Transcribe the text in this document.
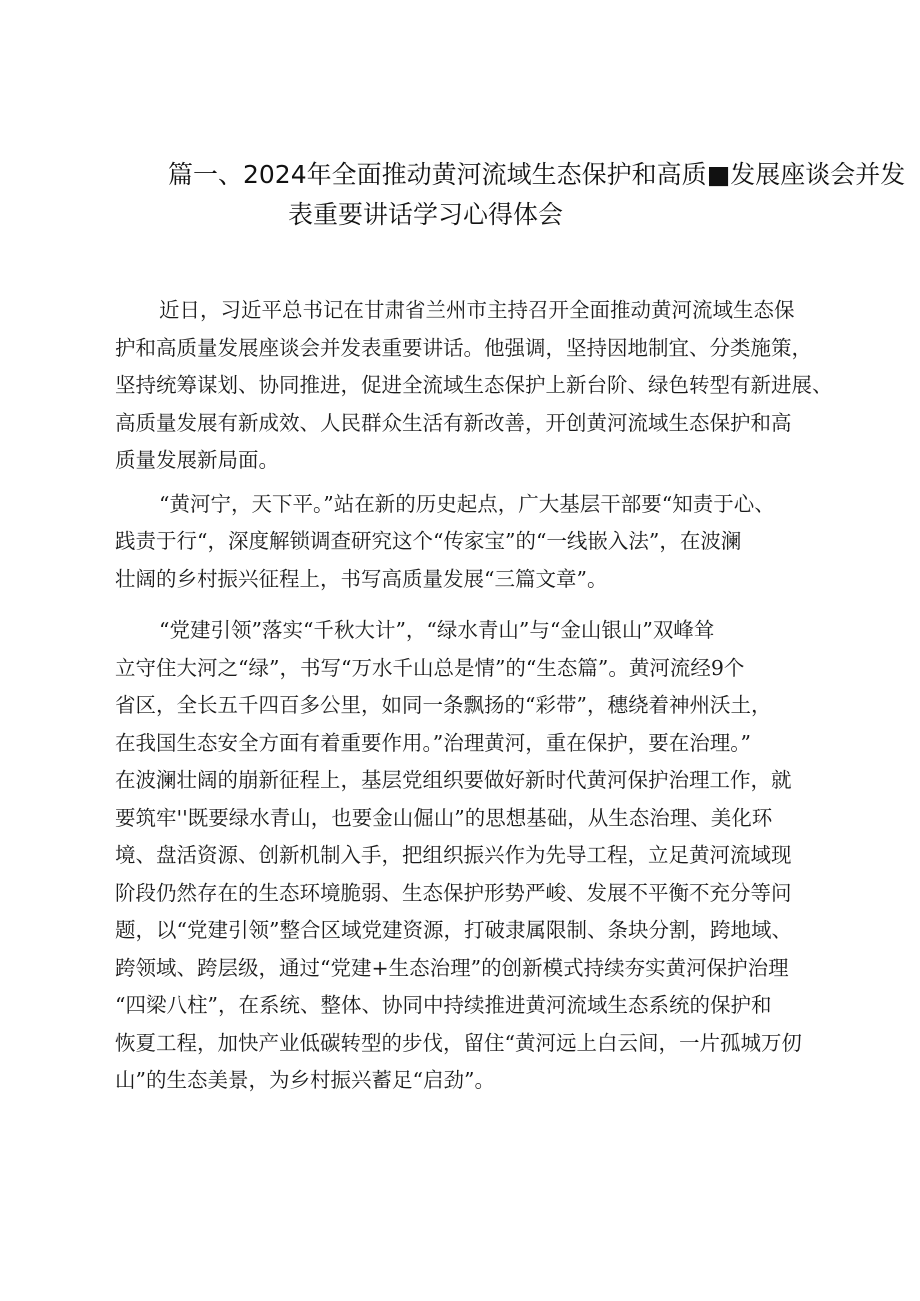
篇一、2024年全面推动黄河流域生态保护和高质■发展座谈会并发
表重要讲话学习心得体会
近日，习近平总书记在甘肃省兰州市主持召开全面推动黄河流域生态保
护和高质量发展座谈会并发表重要讲话。他强调，坚持因地制宜、分类施策，
坚持统筹谋划、协同推进，促进全流域生态保护上新台阶、绿色转型有新进展、
高质量发展有新成效、人民群众生活有新改善，开创黄河流域生态保护和高
质量发展新局面。
“黄河宁，天下平。”站在新的历史起点，广大基层干部要“知责于心、
践责于行“，深度解锁调查研究这个“传家宝”的“一线嵌入法”，在波澜
壮阔的乡村振兴征程上，书写高质量发展“三篇文章”。
“党建引领”落实“千秋大计”，“绿水青山”与“金山银山”双峰耸
立守住大河之“绿”，书写“万水千山总是情”的“生态篇”。黄河流经9个
省区，全长五千四百多公里，如同一条飘扬的“彩带”，穗绕着神州沃土，
在我国生态安全方面有着重要作用。”治理黄河，重在保护，要在治理。”
在波澜壮阔的崩新征程上，基层党组织要做好新时代黄河保护治理工作，就
要筑牢''既要绿水青山，也要金山倔山”的思想基础，从生态治理、美化环
境、盘活资源、创新机制入手，把组织振兴作为先导工程，立足黄河流域现
阶段仍然存在的生态环境脆弱、生态保护形势严峻、发展不平衡不充分等问
题，以“党建引领”整合区域党建资源，打破隶属限制、条块分割，跨地域、
跨领域、跨层级，通过“党建+生态治理”的创新模式持续夯实黄河保护治理
“四梁八柱”，在系统、整体、协同中持续推进黄河流域生态系统的保护和
恢夏工程，加快产业低碳转型的步伐，留住“黄河远上白云间，一片孤城万仞
山”的生态美景，为乡村振兴蓄足“启劲”。
